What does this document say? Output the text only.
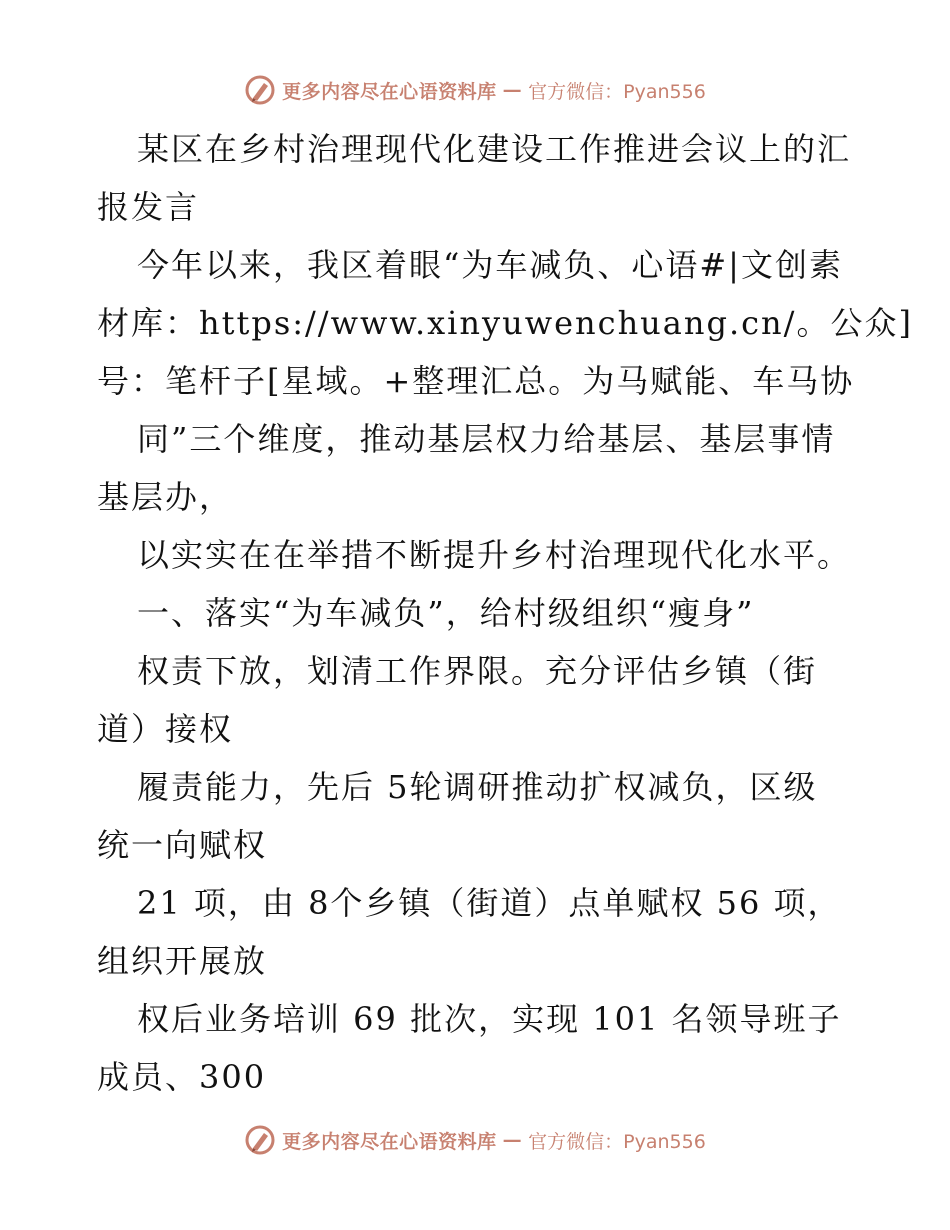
更多内容尽在心语资料库 — 官方微信：Pyan556
某区在乡村治理现代化建设工作推进会议上的汇
报发言
今年以来，我区着眼“为车减负、心语#|文创素
材库：https://www.xinyuwenchuang.cn/。公众]
号：笔杆子[星域。+整理汇总。为马赋能、车马协
同”三个维度，推动基层权力给基层、基层事情
基层办，
以实实在在举措不断提升乡村治理现代化水平。
一、落实“为车减负”，给村级组织“瘦身”
权责下放，划清工作界限。充分评估乡镇（街
道）接权
履责能力，先后 5轮调研推动扩权减负，区级
统一向赋权
21 项，由 8个乡镇（街道）点单赋权 56 项，
组织开展放
权后业务培训 69 批次，实现 101 名领导班子
成员、300
更多内容尽在心语资料库 — 官方微信：Pyan556
